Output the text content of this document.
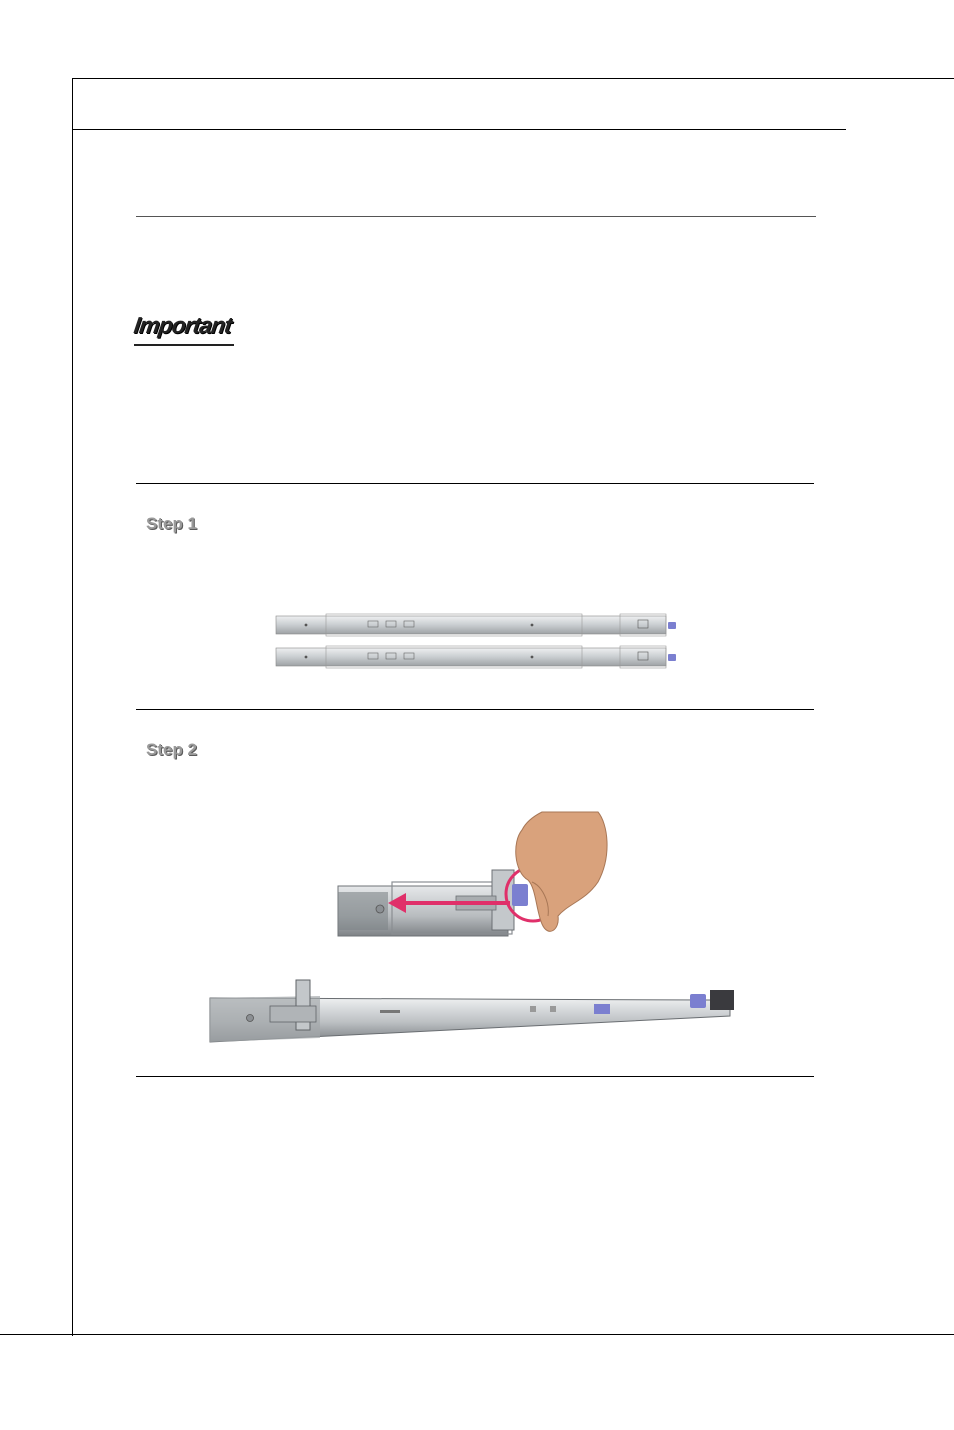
Important
Step 1
Step 2
